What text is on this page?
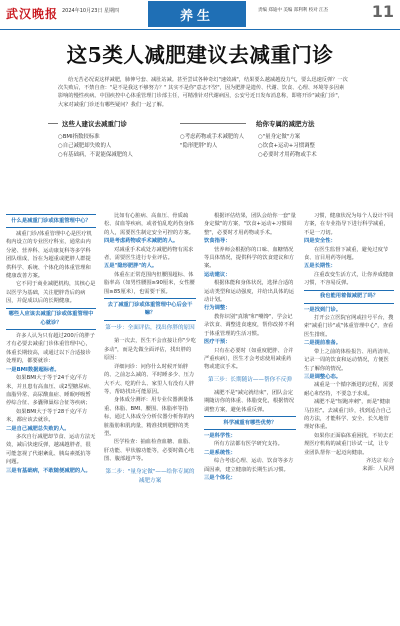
武汉晚报 2024年10月23日 星期四	养生	责编 郑迪中 美编 郑利利 校对 江杰	11
这5类人减肥建议去减重门诊
给无苦必况说这样减肥，肺伸号套、减肚站减。甚至尝试各种奇幻"速效减"，结果要么越减越没力气，要么迅速反弹？一次次失败后，不禁自查："是不是我这不够努力？" 其实不是你"意志不坚"，因为肥胖是遗传、代谢、饮食、心理、环境等多因素影响的慢性疾病。中国疾控中心体重管理门诊部主任，可精准针对代谢病因，公安号近日发布消息称，即将开诊"减重门诊"，大家对减重门诊还有哪些疑问？我们一起了解。
这些人建议去减重门诊
○BMI指数较标准
○自己减肥却失败的人
○有基础病，不说能保减肥的人
○考虑药物或手术减肥的人
"隐形肥胖"的人
给你专属的减肥方法
○"量身定做"方案
○饮食+运动+习惯调整
○必要时才用药物或手术

什么是减重门诊或体重管理中心？

减重门诊/体重管理中心是医疗机构内设立的专业医疗科室，通常由内分泌、营养科、运动康复科等多学科团队组成，旨在为超重或肥胖人群提供科学、系统、个体化的体重管理和健康改善方案。

它不同于商业减肥机构，其核心是以医学为基础，关注肥胖背后的病因，并促成以后的长期健康。

哪些人应该去减重门诊或体重管理中心就诊？

许多人认为只有超过200斤的胖子才有必要去减重门诊体重管理中心，体重长期较高，或通过以下合适接诊处理的，都要就诊：

一是BMI数据超标者。

如果BMI大于等于24千克/平方米，并且患有高血压、或2型糖尿病、血脂异常、高尿酸血症、睡眠呼吸暂停综合征、多囊卵巢综合征等疾病；

如果BMI大于等于28千克/平方米，都应该去就诊。

二是自己减肥总失败的人。

多次自行减肥却节食、运动方法无效，减后快速反弹，越减越胖者，很可能忽视了代谢紊乱、胰岛素抵抗等问题。

三是有基础病，不敢随便减肥的人。

比如有心脏病、高血压、骨质疏松、贫血等疾病，或者怕乱吃药伤身体的人，需要医生制定安全可控的方案。

四是考虑药物或手术减肥的人。

对减重手术或处方减肥药物有需求者，需要医生进行专业评估。

五是"隐形肥胖"的人。

体重在正常范围内但腰围超标、体脂率高（如男性腰围≥90厘米，女性腰围≥85厘米），也需要干预。

去了减重门诊或体重管理中心后会干嘛？

第一步：全面评估，找出你胖的原因

第一次去，医生不会直接让你"少吃多动"，而是先做全面评估，找出胖的原因：

详细问诊：问你什么时候开始胖的、之前怎么减的、平时睡多少、压力大不大、吃的什么、家里人有没有人胖等，帮助找出可能原因。

身体成分测评：用专业仪器测量体重、体脂、BMI、腰围、体脂率等指标，通过人体成分分析仪器分析你的内脏脂肪和肌肉量，精准找到肥胖的类型。

医学检查：抽血检查血糖、血脂、肝功能、甲状腺功能等，必要时做心电图、腹部超声等。

第二步："量身定做"——给你专属的减肥方案

根据评估结果，团队会给你一套"量身定做"的方案，"饮食+运动+习惯调整"，必要时才用药物或手术。

饮食指导：

营养师会根据你的口味、血糖情况等具体情况，提供科学的饮食建议和方案。

运动建议：

根据体能和身体状况，选择合适的运动类型和运动强度，并给出具体的运动计划。

行为调整：

教你识别"真饿"和"嘴馋"，学会记录饮食、调整进食速度，帮你改掉不利于体重管理的生活习惯。

医疗干预：

只有在必要时（如重度肥胖、合并严重疾病），医生才会考虑使用减重药物或建议手术。

第三步：长期随访——帮你不反弹

减肥不是"减完就结束"，团队会定期随访你的体重、体脂变化，根据情况调整方案，避免体重反弹。

科学减重有哪些优势？

一是科学性：

所有方法都有医学研究支持。

二是系统性：

综合考虑心理、运动、饮食等多方面因素，建立健康的长期生活习惯。

三是个体化：

习惯，健康状况为每个人设计不同方案，在专业指导下进行科学减重，不是一刀切。

四是安全性：

在医生监督下减重，避免过度节食、盲目用药等问题。

五是长期性：

注重改变生活方式，让你养成健康习惯，不容易反弹。

我也能用着做减肥了吗？

一是找到门诊。

打开公立医院官网或挂号平台，搜索"减重门诊"或"体重管理中心"，查看医生排班。

二是提前准备。

带上之前的体检报告、用药清单，记录一周的饮食和运动情况，方便医生了解你的情况。

三是调整心态。

减重是一个循序渐进的过程，需要耐心和坚持，不要急于求成。

减肥不是"短跑冲刺"，而是"健康马拉松"。去减重门诊，找到适合自己的方法，才能科学、安全、长久地管理好体重。

如果你正面临体重困扰，不妨去正规医疗机构的减重门诊试一试，让专业团队帮你一起迈向健康。

齐达宗 综合

来源：人民网
